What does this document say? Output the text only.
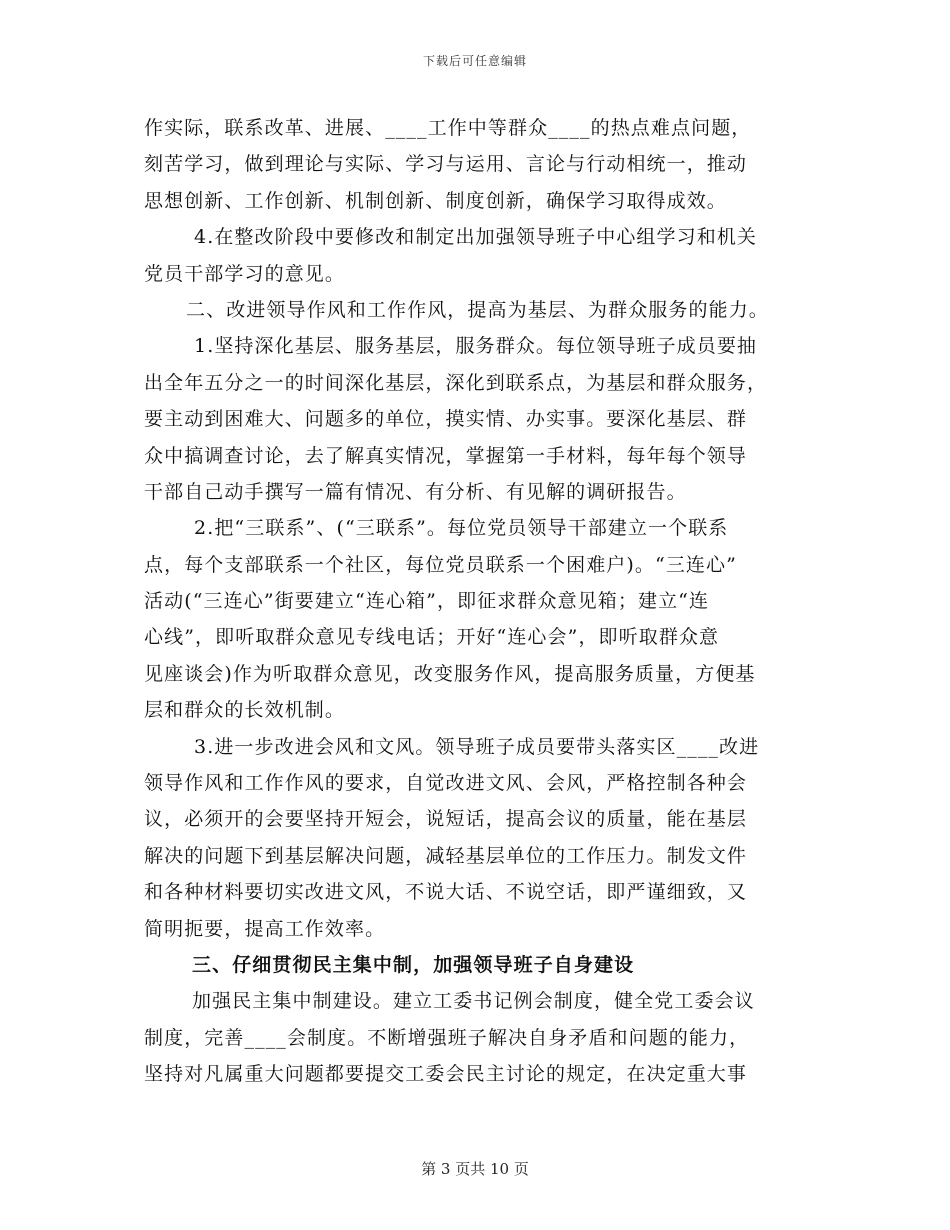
下载后可任意编辑
作实际，联系改革、进展、____工作中等群众____的热点难点问题，
刻苦学习，做到理论与实际、学习与运用、言论与行动相统一，推动
思想创新、工作创新、机制创新、制度创新，确保学习取得成效。
4.在整改阶段中要修改和制定出加强领导班子中心组学习和机关
党员干部学习的意见。
二、改进领导作风和工作作风，提高为基层、为群众服务的能力。
1.坚持深化基层、服务基层，服务群众。每位领导班子成员要抽
出全年五分之一的时间深化基层，深化到联系点，为基层和群众服务，
要主动到困难大、问题多的单位，摸实情、办实事。要深化基层、群
众中搞调查讨论，去了解真实情况，掌握第一手材料，每年每个领导
干部自己动手撰写一篇有情况、有分析、有见解的调研报告。
2.把“三联系”、(“三联系”。每位党员领导干部建立一个联系
点，每个支部联系一个社区，每位党员联系一个困难户)。“三连心”
活动(“三连心”街要建立“连心箱”，即征求群众意见箱；建立“连
心线”，即听取群众意见专线电话；开好“连心会”，即听取群众意
见座谈会)作为听取群众意见，改变服务作风，提高服务质量，方便基
层和群众的长效机制。
3.进一步改进会风和文风。领导班子成员要带头落实区____改进
领导作风和工作作风的要求，自觉改进文风、会风，严格控制各种会
议，必须开的会要坚持开短会，说短话，提高会议的质量，能在基层
解决的问题下到基层解决问题，减轻基层单位的工作压力。制发文件
和各种材料要切实改进文风，不说大话、不说空话，即严谨细致，又
简明扼要，提高工作效率。
三、仔细贯彻民主集中制，加强领导班子自身建设
加强民主集中制建设。建立工委书记例会制度，健全党工委会议
制度，完善____会制度。不断增强班子解决自身矛盾和问题的能力，
坚持对凡属重大问题都要提交工委会民主讨论的规定，在决定重大事
第 3 页共 10 页
